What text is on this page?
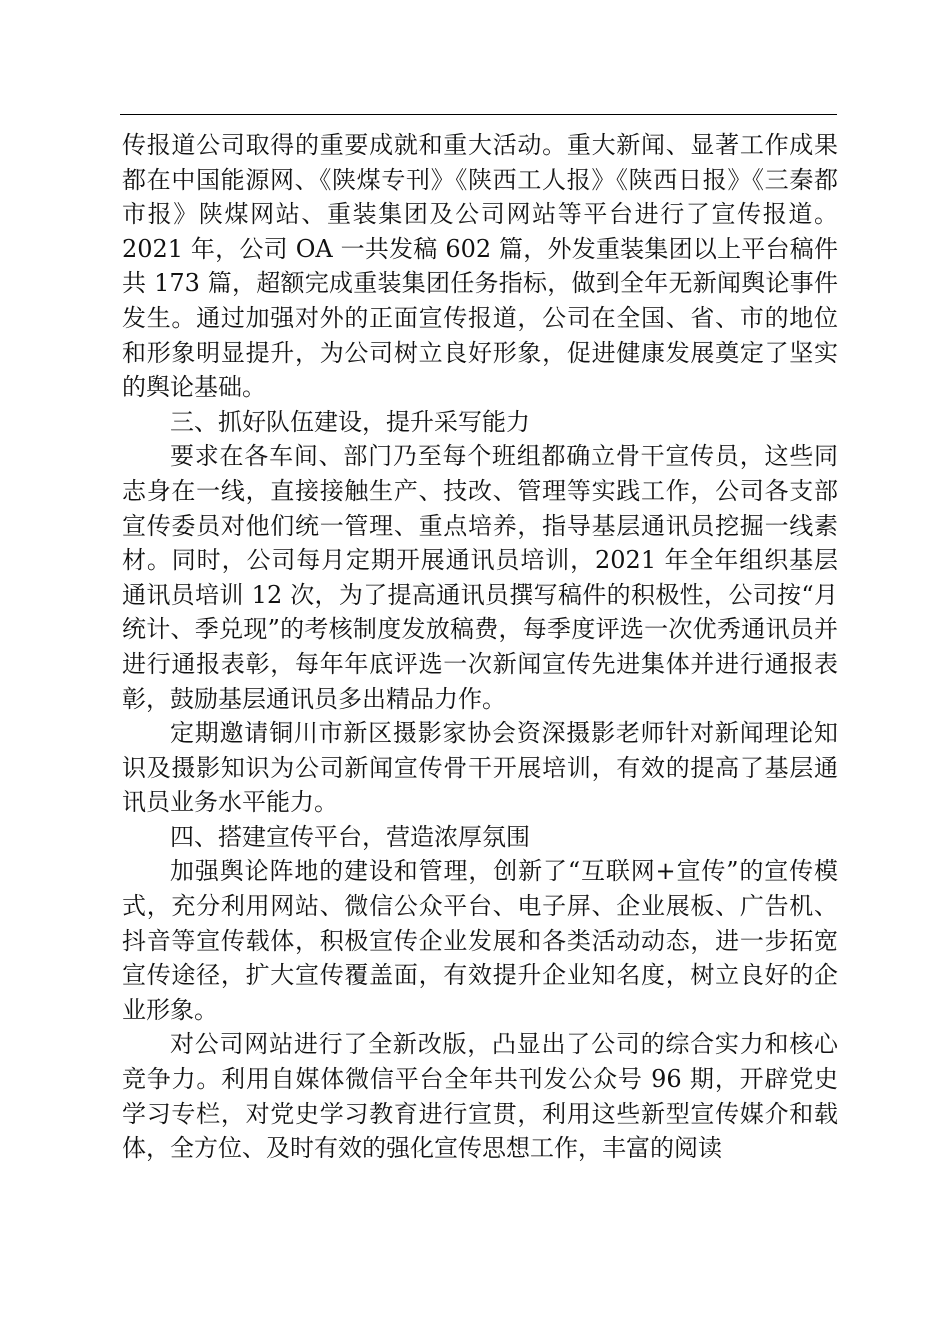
传报道公司取得的重要成就和重大活动。重大新闻、显著工作成果都在中国能源网、《陕煤专刊》《陕西工人报》《陕西日报》《三秦都市报》陕煤网站、重装集团及公司网站等平台进行了宣传报道。2021 年，公司 OA 一共发稿 602 篇，外发重装集团以上平台稿件共 173 篇，超额完成重装集团任务指标，做到全年无新闻舆论事件发生。通过加强对外的正面宣传报道，公司在全国、省、市的地位和形象明显提升，为公司树立良好形象，促进健康发展奠定了坚实的舆论基础。

三、抓好队伍建设，提升采写能力

要求在各车间、部门乃至每个班组都确立骨干宣传员，这些同志身在一线，直接接触生产、技改、管理等实践工作，公司各支部宣传委员对他们统一管理、重点培养，指导基层通讯员挖掘一线素材。同时，公司每月定期开展通讯员培训，2021 年全年组织基层通讯员培训 12 次，为了提高通讯员撰写稿件的积极性，公司按“月统计、季兑现”的考核制度发放稿费，每季度评选一次优秀通讯员并进行通报表彰，每年年底评选一次新闻宣传先进集体并进行通报表彰，鼓励基层通讯员多出精品力作。

定期邀请铜川市新区摄影家协会资深摄影老师针对新闻理论知识及摄影知识为公司新闻宣传骨干开展培训，有效的提高了基层通讯员业务水平能力。

四、搭建宣传平台，营造浓厚氛围

加强舆论阵地的建设和管理，创新了“互联网+宣传”的宣传模式，充分利用网站、微信公众平台、电子屏、企业展板、广告机、抖音等宣传载体，积极宣传企业发展和各类活动动态，进一步拓宽宣传途径，扩大宣传覆盖面，有效提升企业知名度，树立良好的企业形象。

对公司网站进行了全新改版，凸显出了公司的综合实力和核心竞争力。利用自媒体微信平台全年共刊发公众号 96 期，开辟党史学习专栏，对党史学习教育进行宣贯，利用这些新型宣传媒介和载体，全方位、及时有效的强化宣传思想工作，丰富的阅读
